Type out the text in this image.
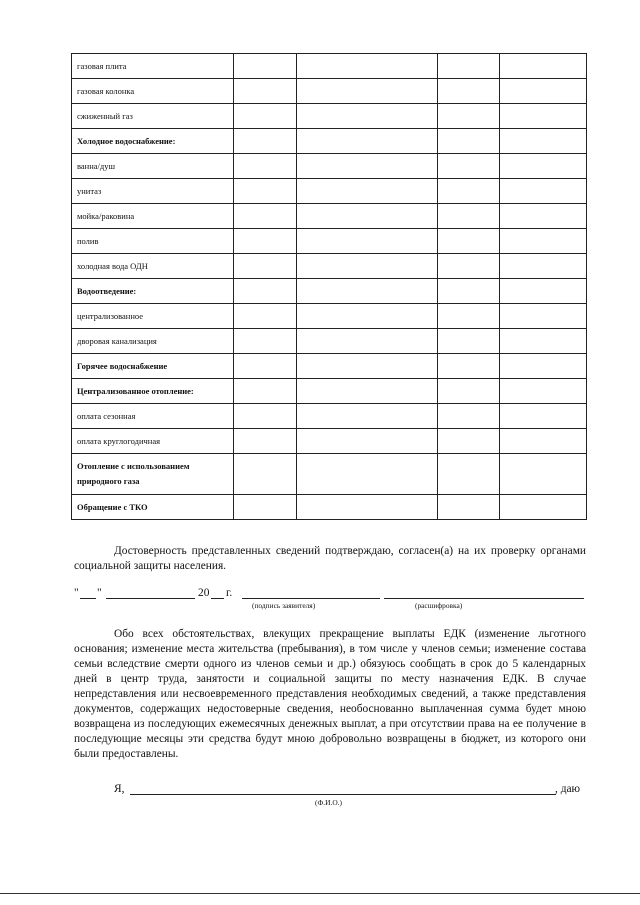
газовая плита				
газовая колонка				
сжиженный газ				
Холодное водоснабжение:				
ванна/душ				
унитаз				
мойка/раковина				
полив				
холодная вода ОДН				
Водоотведение:				
централизованное				
дворовая канализация				
Горячее водоснабжение				
Централизованное отопление:				
оплата сезонная				
оплата круглогодичная				
Отопление с использованием природного газа				
Обращение с ТКО				
Достоверность представленных сведений подтверждаю, согласен(а) на их проверку органами социальной защиты населения.
" "	20 г.
(подпись заявителя)	(расшифровка)
Обо всех обстоятельствах, влекущих прекращение выплаты ЕДК (изменение льготного основания; изменение места жительства (пребывания), в том числе у членов семьи; изменение состава семьи вследствие смерти одного из членов семьи и др.) обязуюсь сообщать в срок до 5 календарных дней в центр труда, занятости и социальной защиты по месту назначения ЕДК. В случае непредставления или несвоевременного представления необходимых сведений, а также представления документов, содержащих недостоверные сведения, необоснованно выплаченная сумма будет мною возвращена из последующих ежемесячных денежных выплат, а при отсутствии права на ее получение в последующие месяцы эти средства будут мною добровольно возвращены в бюджет, из которого они были предоставлены.
Я,	, даю
(Ф.И.О.)
